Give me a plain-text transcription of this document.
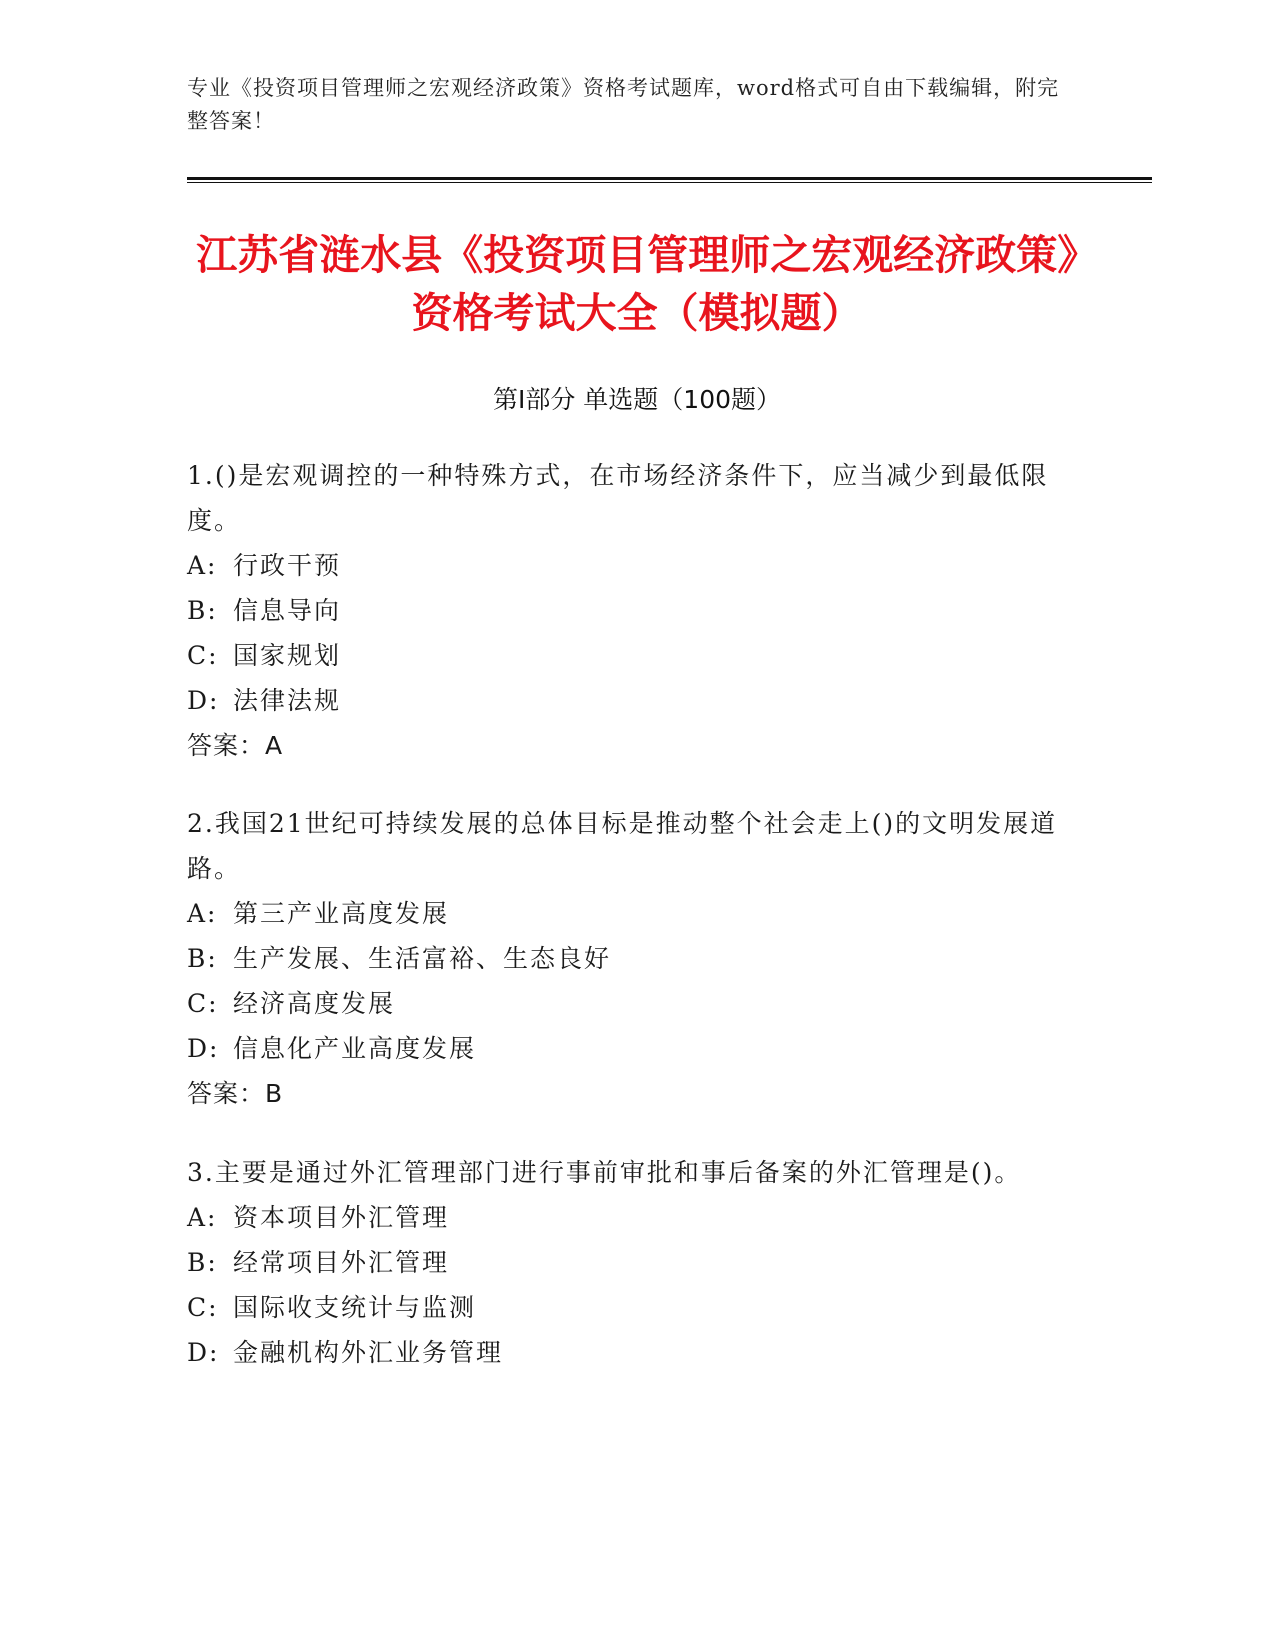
专业《投资项目管理师之宏观经济政策》资格考试题库，word格式可自由下载编辑，附完整答案！
江苏省涟水县《投资项目管理师之宏观经济政策》资格考试大全（模拟题）
第Ⅰ部分 单选题（100题）
1.()是宏观调控的一种特殊方式，在市场经济条件下，应当减少到最低限度。
A: 行政干预
B: 信息导向
C: 国家规划
D: 法律法规
答案：A
2.我国21世纪可持续发展的总体目标是推动整个社会走上()的文明发展道路。
A: 第三产业高度发展
B: 生产发展、生活富裕、生态良好
C: 经济高度发展
D: 信息化产业高度发展
答案：B
3.主要是通过外汇管理部门进行事前审批和事后备案的外汇管理是()。
A: 资本项目外汇管理
B: 经常项目外汇管理
C: 国际收支统计与监测
D: 金融机构外汇业务管理
